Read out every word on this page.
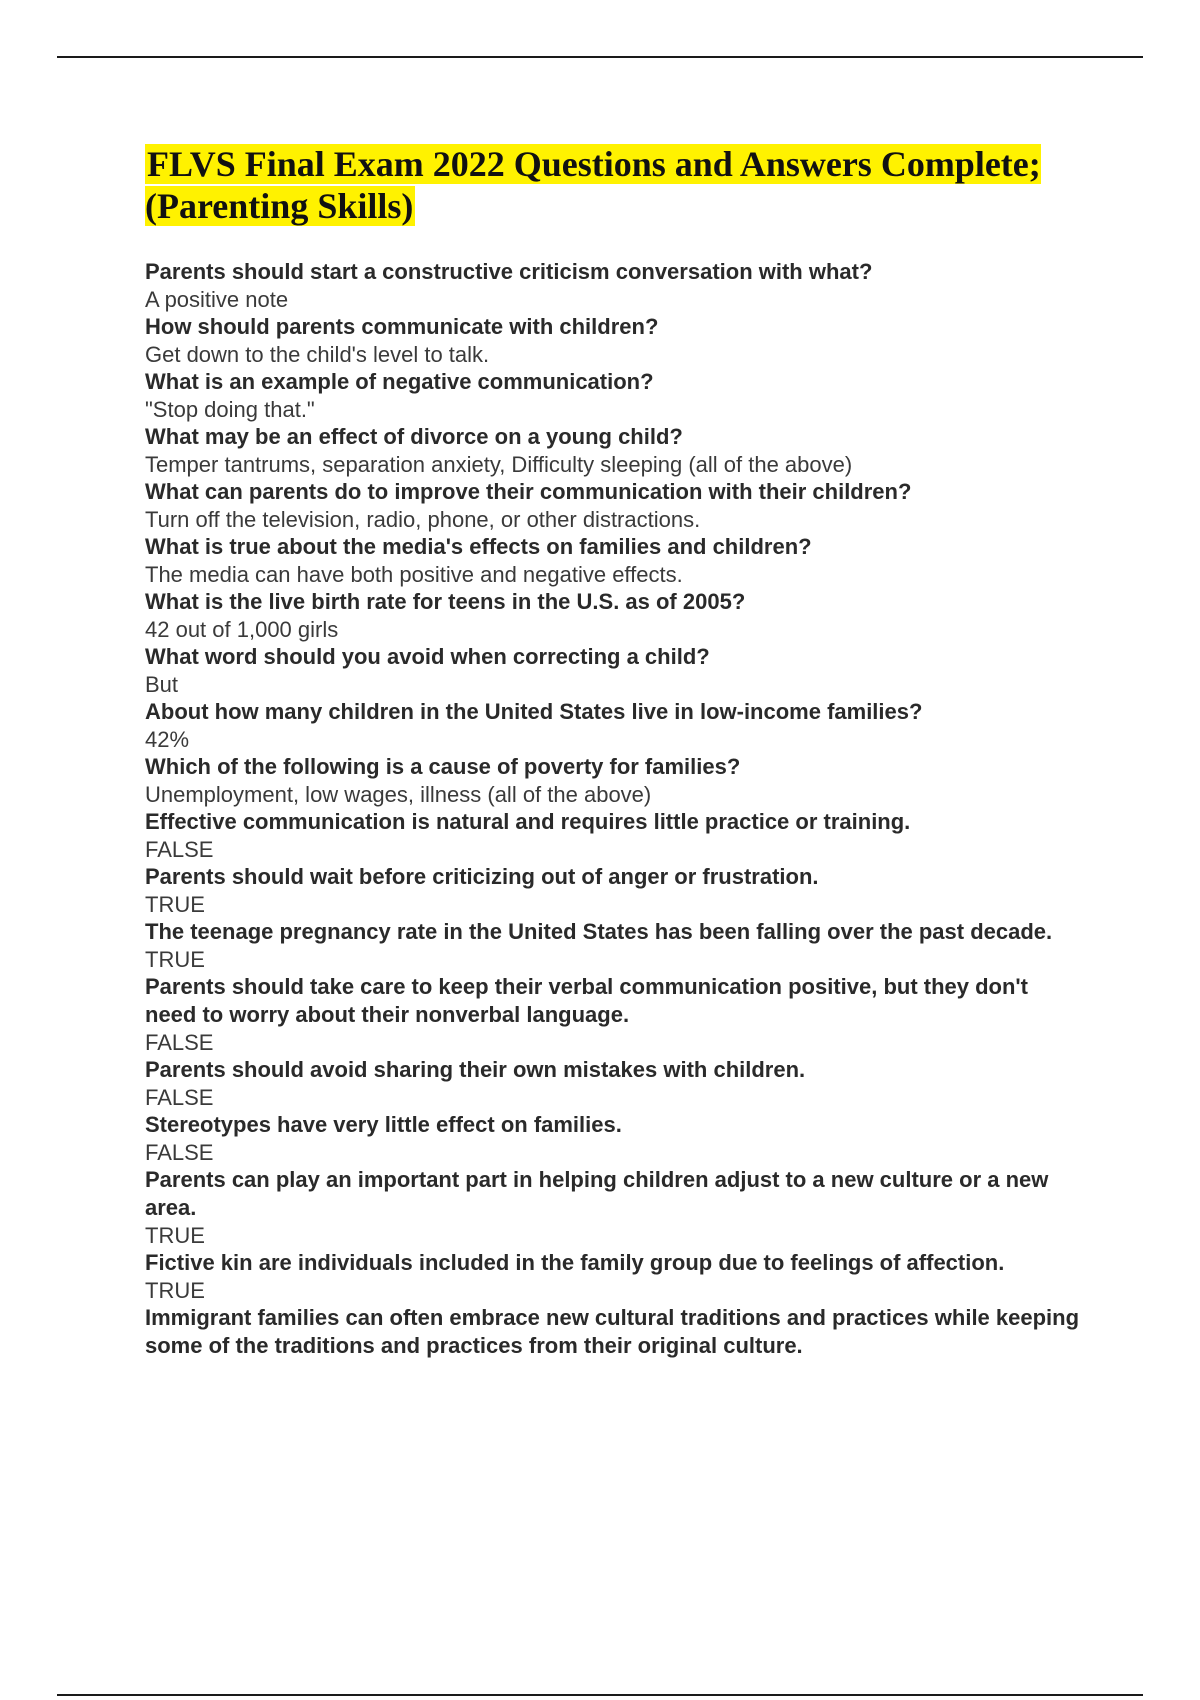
FLVS Final Exam 2022 Questions and Answers Complete; (Parenting Skills)
Parents should start a constructive criticism conversation with what?
A positive note
How should parents communicate with children?
Get down to the child's level to talk.
What is an example of negative communication?
"Stop doing that."
What may be an effect of divorce on a young child?
Temper tantrums, separation anxiety, Difficulty sleeping (all of the above)
What can parents do to improve their communication with their children?
Turn off the television, radio, phone, or other distractions.
What is true about the media's effects on families and children?
The media can have both positive and negative effects.
What is the live birth rate for teens in the U.S. as of 2005?
42 out of 1,000 girls
What word should you avoid when correcting a child?
But
About how many children in the United States live in low-income families?
42%
Which of the following is a cause of poverty for families?
Unemployment, low wages, illness (all of the above)
Effective communication is natural and requires little practice or training.
FALSE
Parents should wait before criticizing out of anger or frustration.
TRUE
The teenage pregnancy rate in the United States has been falling over the past decade.
TRUE
Parents should take care to keep their verbal communication positive, but they don't need to worry about their nonverbal language.
FALSE
Parents should avoid sharing their own mistakes with children.
FALSE
Stereotypes have very little effect on families.
FALSE
Parents can play an important part in helping children adjust to a new culture or a new area.
TRUE
Fictive kin are individuals included in the family group due to feelings of affection.
TRUE
Immigrant families can often embrace new cultural traditions and practices while keeping some of the traditions and practices from their original culture.
